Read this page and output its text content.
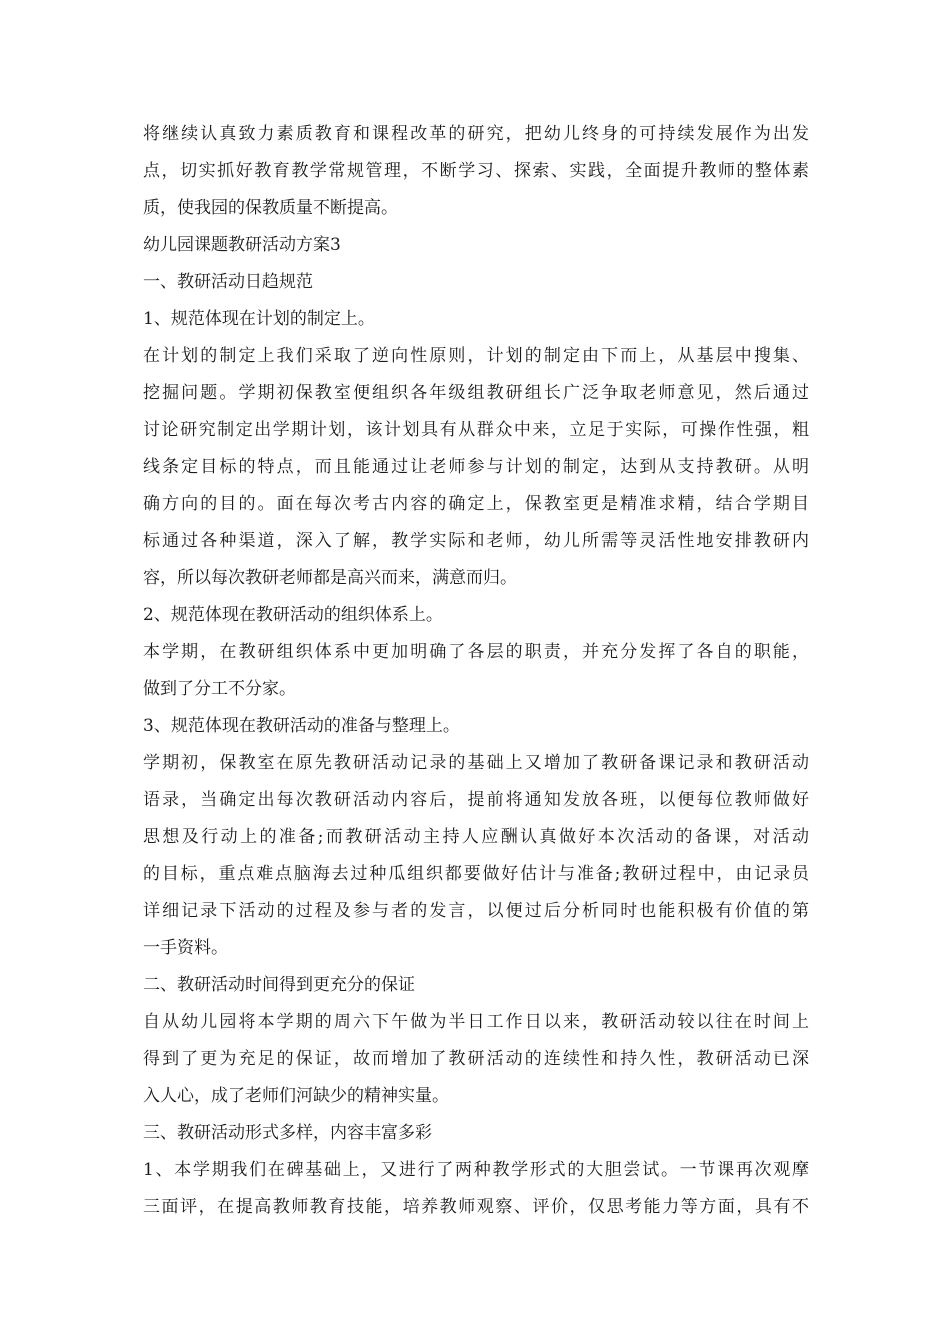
将继续认真致力素质教育和课程改革的研究，把幼儿终身的可持续发展作为出发
点，切实抓好教育教学常规管理，不断学习、探索、实践，全面提升教师的整体素
质，使我园的保教质量不断提高。
幼儿园课题教研活动方案3
一、教研活动日趋规范
1、规范体现在计划的制定上。
在计划的制定上我们采取了逆向性原则，计划的制定由下而上，从基层中搜集、
挖掘问题。学期初保教室便组织各年级组教研组长广泛争取老师意见，然后通过
讨论研究制定出学期计划，该计划具有从群众中来，立足于实际，可操作性强，粗
线条定目标的特点，而且能通过让老师参与计划的制定，达到从支持教研。从明
确方向的目的。面在每次考古内容的确定上，保教室更是精准求精，结合学期目
标通过各种渠道，深入了解，教学实际和老师，幼儿所需等灵活性地安排教研内
容，所以每次教研老师都是高兴而来，满意而归。
2、规范体现在教研活动的组织体系上。
本学期，在教研组织体系中更加明确了各层的职责，并充分发挥了各自的职能，
做到了分工不分家。
3、规范体现在教研活动的准备与整理上。
学期初，保教室在原先教研活动记录的基础上又增加了教研备课记录和教研活动
语录，当确定出每次教研活动内容后，提前将通知发放各班，以便每位教师做好
思想及行动上的准备;而教研活动主持人应酬认真做好本次活动的备课，对活动
的目标，重点难点脑海去过种瓜组织都要做好估计与准备;教研过程中，由记录员
详细记录下活动的过程及参与者的发言，以便过后分析同时也能积极有价值的第
一手资料。
二、教研活动时间得到更充分的保证
自从幼儿园将本学期的周六下午做为半日工作日以来，教研活动较以往在时间上
得到了更为充足的保证，故而增加了教研活动的连续性和持久性，教研活动已深
入人心，成了老师们河缺少的精神实量。
三、教研活动形式多样，内容丰富多彩
1、本学期我们在碑基础上，又进行了两种教学形式的大胆尝试。一节课再次观摩
三面评，在提高教师教育技能，培养教师观察、评价，仅思考能力等方面，具有不
